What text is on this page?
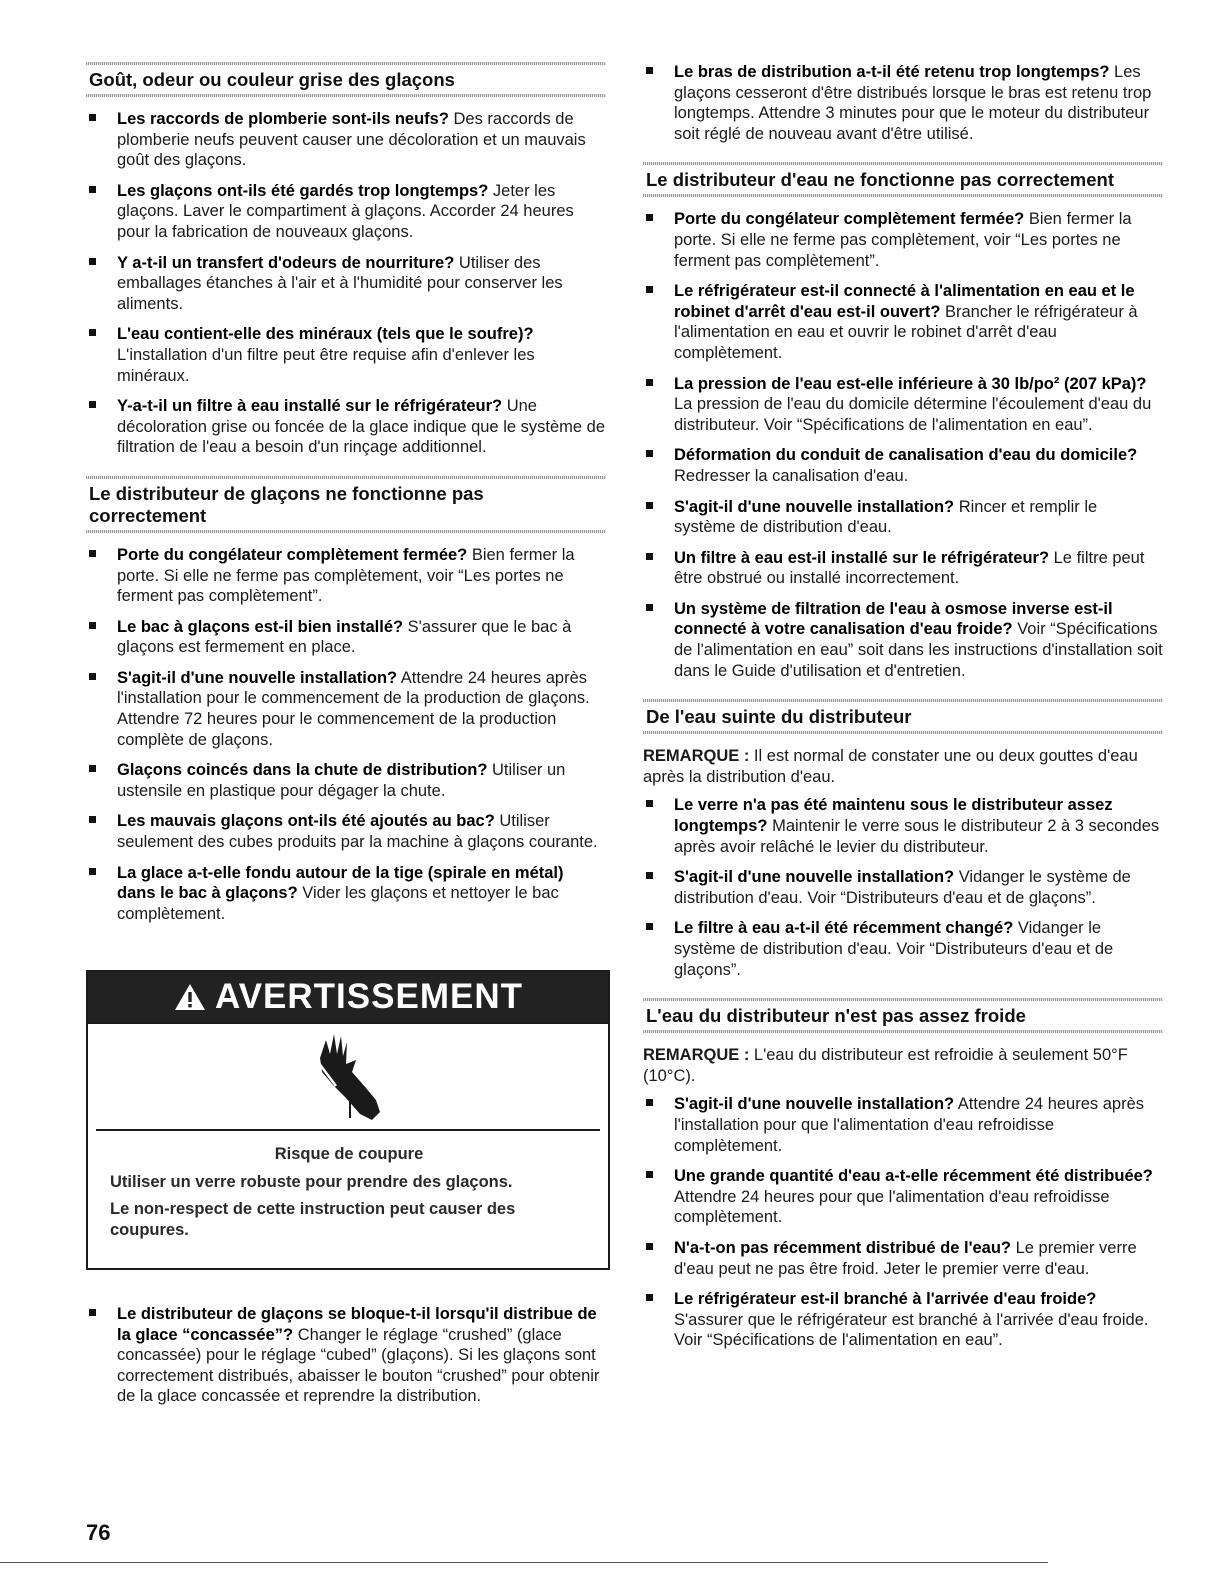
Goût, odeur ou couleur grise des glaçons
Les raccords de plomberie sont-ils neufs? Des raccords de plomberie neufs peuvent causer une décoloration et un mauvais goût des glaçons.
Les glaçons ont-ils été gardés trop longtemps? Jeter les glaçons. Laver le compartiment à glaçons. Accorder 24 heures pour la fabrication de nouveaux glaçons.
Y a-t-il un transfert d'odeurs de nourriture? Utiliser des emballages étanches à l'air et à l'humidité pour conserver les aliments.
L'eau contient-elle des minéraux (tels que le soufre)? L'installation d'un filtre peut être requise afin d'enlever les minéraux.
Y-a-t-il un filtre à eau installé sur le réfrigérateur? Une décoloration grise ou foncée de la glace indique que le système de filtration de l'eau a besoin d'un rinçage additionnel.
Le distributeur de glaçons ne fonctionne pas correctement
Porte du congélateur complètement fermée? Bien fermer la porte. Si elle ne ferme pas complètement, voir “Les portes ne ferment pas complètement”.
Le bac à glaçons est-il bien installé? S'assurer que le bac à glaçons est fermement en place.
S'agit-il d'une nouvelle installation? Attendre 24 heures après l'installation pour le commencement de la production de glaçons. Attendre 72 heures pour le commencement de la production complète de glaçons.
Glaçons coincés dans la chute de distribution? Utiliser un ustensile en plastique pour dégager la chute.
Les mauvais glaçons ont-ils été ajoutés au bac? Utiliser seulement des cubes produits par la machine à glaçons courante.
La glace a-t-elle fondu autour de la tige (spirale en métal) dans le bac à glaçons? Vider les glaçons et nettoyer le bac complètement.
AVERTISSEMENT
Risque de coupure
Utiliser un verre robuste pour prendre des glaçons.
Le non-respect de cette instruction peut causer des coupures.
Le distributeur de glaçons se bloque-t-il lorsqu'il distribue de la glace “concassée”? Changer le réglage “crushed” (glace concassée) pour le réglage “cubed” (glaçons). Si les glaçons sont correctement distribués, abaisser le bouton “crushed” pour obtenir de la glace concassée et reprendre la distribution.
76
Le bras de distribution a-t-il été retenu trop longtemps? Les glaçons cesseront d'être distribués lorsque le bras est retenu trop longtemps. Attendre 3 minutes pour que le moteur du distributeur soit réglé de nouveau avant d'être utilisé.
Le distributeur d'eau ne fonctionne pas correctement
Porte du congélateur complètement fermée? Bien fermer la porte. Si elle ne ferme pas complètement, voir “Les portes ne ferment pas complètement”.
Le réfrigérateur est-il connecté à l'alimentation en eau et le robinet d'arrêt d'eau est-il ouvert? Brancher le réfrigérateur à l'alimentation en eau et ouvrir le robinet d'arrêt d'eau complètement.
La pression de l'eau est-elle inférieure à 30 lb/po² (207 kPa)? La pression de l'eau du domicile détermine l'écoulement d'eau du distributeur. Voir “Spécifications de l'alimentation en eau”.
Déformation du conduit de canalisation d'eau du domicile? Redresser la canalisation d'eau.
S'agit-il d'une nouvelle installation? Rincer et remplir le système de distribution d'eau.
Un filtre à eau est-il installé sur le réfrigérateur? Le filtre peut être obstrué ou installé incorrectement.
Un système de filtration de l'eau à osmose inverse est-il connecté à votre canalisation d'eau froide? Voir “Spécifications de l'alimentation en eau” soit dans les instructions d'installation soit dans le Guide d'utilisation et d'entretien.
De l'eau suinte du distributeur
REMARQUE : Il est normal de constater une ou deux gouttes d'eau après la distribution d'eau.
Le verre n'a pas été maintenu sous le distributeur assez longtemps? Maintenir le verre sous le distributeur 2 à 3 secondes après avoir relâché le levier du distributeur.
S'agit-il d'une nouvelle installation? Vidanger le système de distribution d'eau. Voir “Distributeurs d'eau et de glaçons”.
Le filtre à eau a-t-il été récemment changé? Vidanger le système de distribution d'eau. Voir “Distributeurs d'eau et de glaçons”.
L'eau du distributeur n'est pas assez froide
REMARQUE : L'eau du distributeur est refroidie à seulement 50°F (10°C).
S'agit-il d'une nouvelle installation? Attendre 24 heures après l'installation pour que l'alimentation d'eau refroidisse complètement.
Une grande quantité d'eau a-t-elle récemment été distribuée? Attendre 24 heures pour que l'alimentation d'eau refroidisse complètement.
N'a-t-on pas récemment distribué de l'eau? Le premier verre d'eau peut ne pas être froid. Jeter le premier verre d'eau.
Le réfrigérateur est-il branché à l'arrivée d'eau froide? S'assurer que le réfrigérateur est branché à l'arrivée d'eau froide. Voir “Spécifications de l'alimentation en eau”.
